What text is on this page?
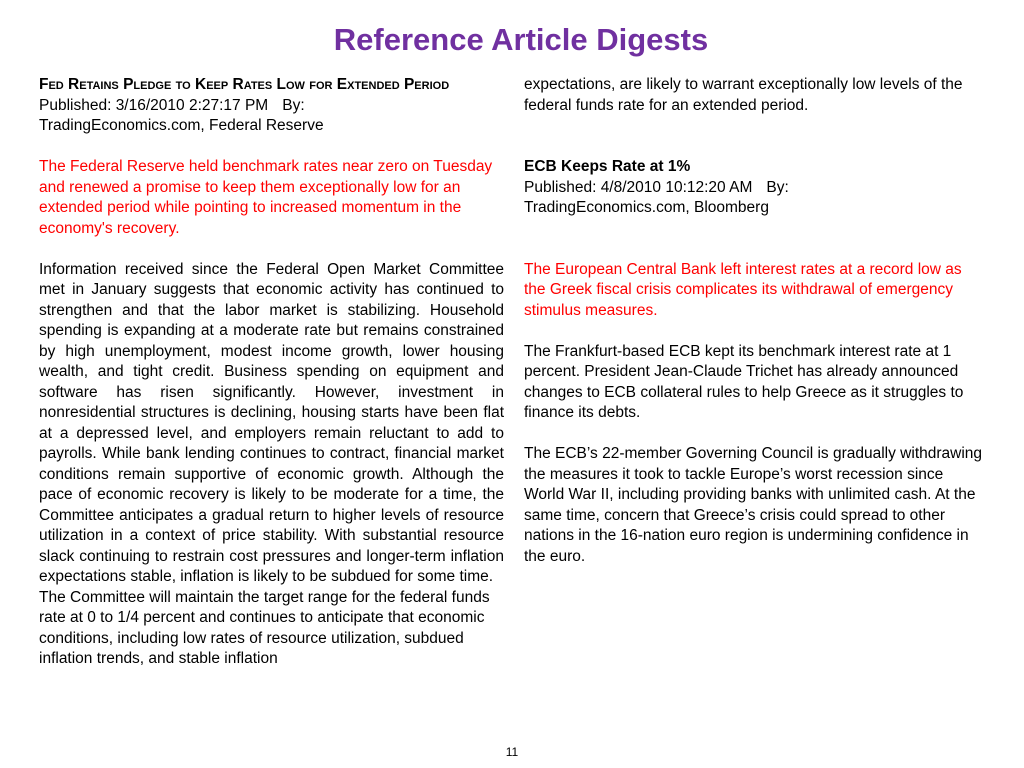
Reference Article Digests

Fed Retains Pledge to Keep Rates Low for Extended Period

Published: 3/16/2010 2:27:17 PM By:
TradingEconomics.com, Federal Reserve

The Federal Reserve held benchmark rates near zero on Tuesday and renewed a promise to keep them exceptionally low for an extended period while pointing to increased momentum in the economy's recovery.

Information received since the Federal Open Market Committee met in January suggests that economic activity has continued to strengthen and that the labor market is stabilizing. Household spending is expanding at a moderate rate but remains constrained by high unemployment, modest income growth, lower housing wealth, and tight credit. Business spending on equipment and software has risen significantly. However, investment in nonresidential structures is declining, housing starts have been flat at a depressed level, and employers remain reluctant to add to payrolls. While bank lending continues to contract, financial market conditions remain supportive of economic growth. Although the pace of economic recovery is likely to be moderate for a time, the Committee anticipates a gradual return to higher levels of resource utilization in a context of price stability. With substantial resource slack continuing to restrain cost pressures and longer-term inflation expectations stable, inflation is likely to be subdued for some time.

The Committee will maintain the target range for the federal funds rate at 0 to 1/4 percent and continues to anticipate that economic conditions, including low rates of resource utilization, subdued inflation trends, and stable inflation

expectations, are likely to warrant exceptionally low levels of the federal funds rate for an extended period.

ECB Keeps Rate at 1%

Published: 4/8/2010 10:12:20 AM By:
TradingEconomics.com, Bloomberg

The European Central Bank left interest rates at a record low as the Greek fiscal crisis complicates its withdrawal of emergency stimulus measures.

The Frankfurt-based ECB kept its benchmark interest rate at 1 percent. President Jean-Claude Trichet has already announced changes to ECB collateral rules to help Greece as it struggles to finance its debts.

The ECB’s 22-member Governing Council is gradually withdrawing the measures it took to tackle Europe’s worst recession since World War II, including providing banks with unlimited cash. At the same time, concern that Greece’s crisis could spread to other nations in the 16-nation euro region is undermining confidence in the euro.

11
